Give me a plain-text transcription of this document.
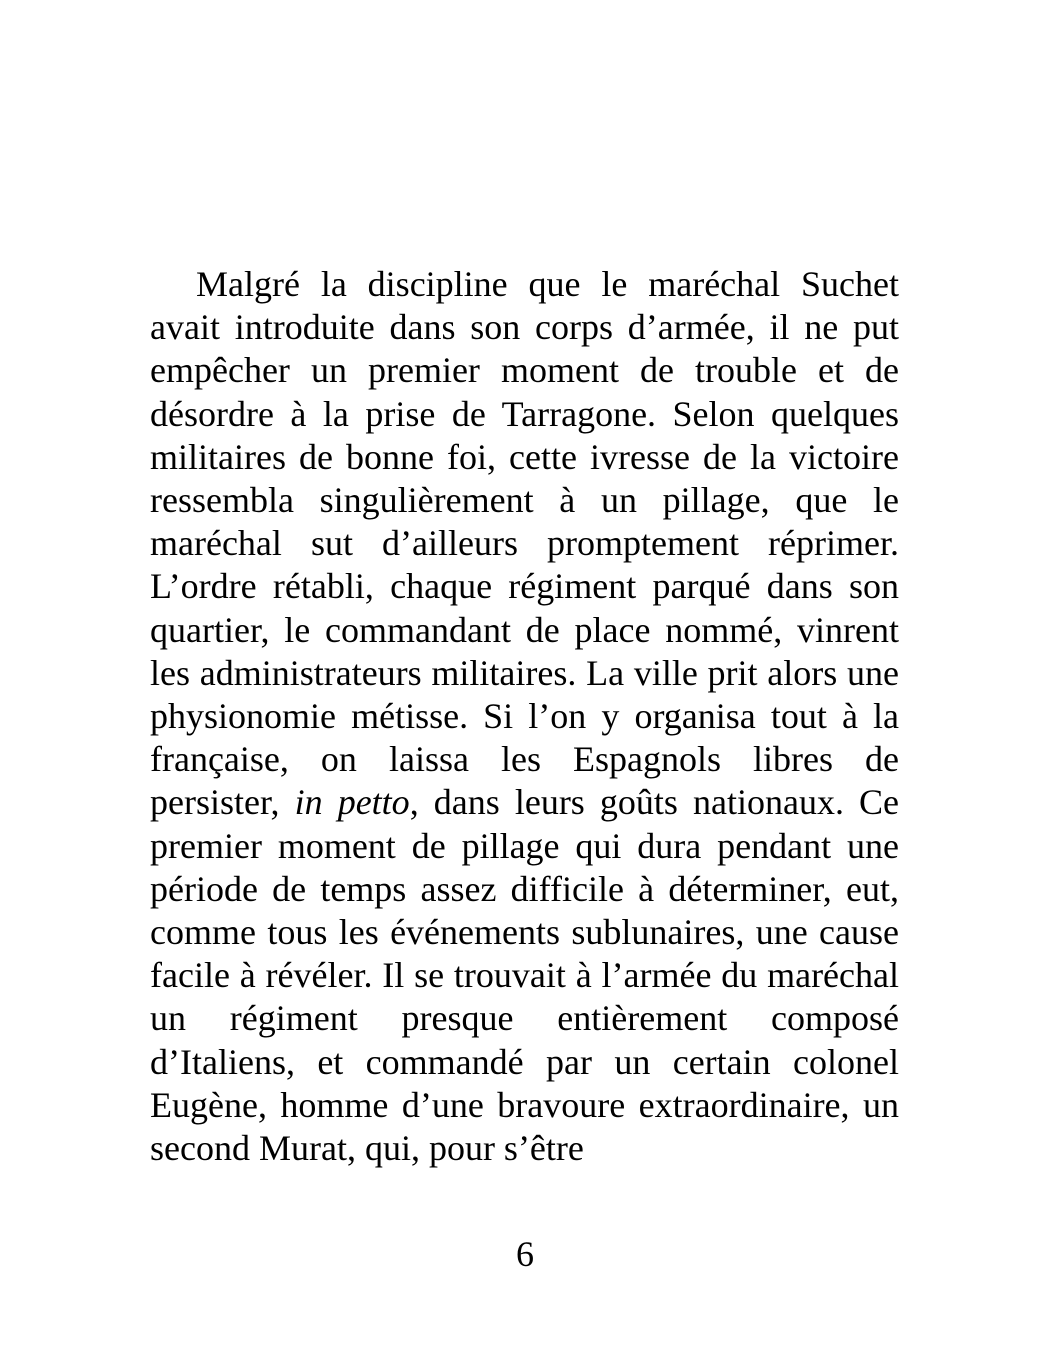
Malgré la discipline que le maréchal Suchet avait introduite dans son corps d’armée, il ne put empêcher un premier moment de trouble et de désordre à la prise de Tarragone. Selon quelques militaires de bonne foi, cette ivresse de la victoire ressembla singulièrement à un pillage, que le maréchal sut d’ailleurs promptement réprimer. L’ordre rétabli, chaque régiment parqué dans son quartier, le commandant de place nommé, vinrent les administrateurs militaires. La ville prit alors une physionomie métisse. Si l’on y organisa tout à la française, on laissa les Espagnols libres de persister, in petto, dans leurs goûts nationaux. Ce premier moment de pillage qui dura pendant une période de temps assez difficile à déterminer, eut, comme tous les événements sublunaires, une cause facile à révéler. Il se trouvait à l’armée du maréchal un régiment presque entièrement composé d’Italiens, et commandé par un certain colonel Eugène, homme d’une bravoure extraordinaire, un second Murat, qui, pour s’être

6
